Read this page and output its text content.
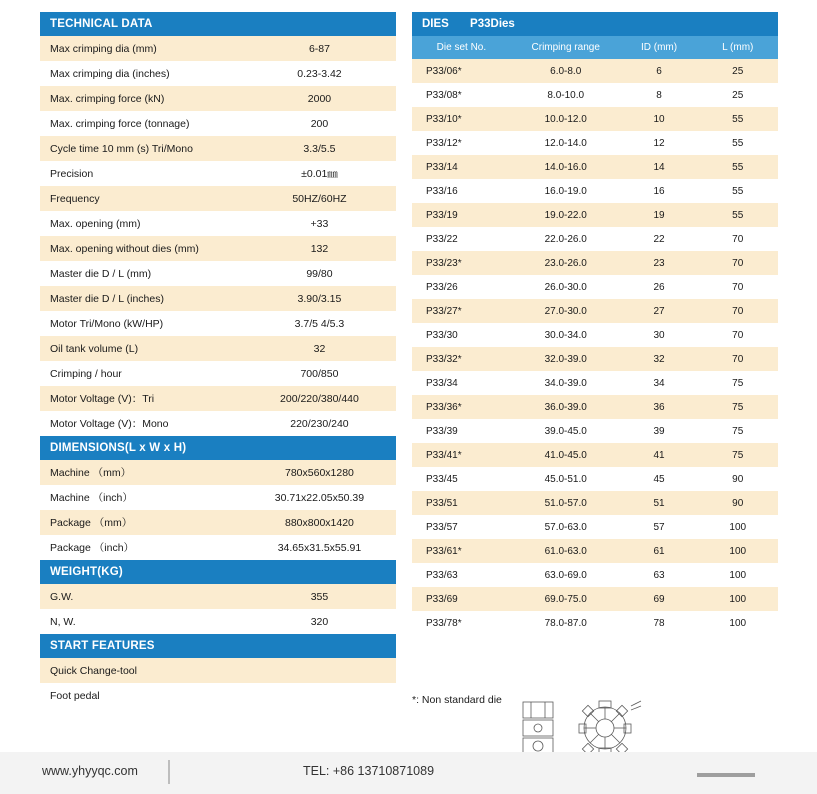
TECHNICAL DATA	
Max crimping dia (mm)	6-87
Max crimping dia (inches)	0.23-3.42
Max. crimping force (kN)	2000
Max. crimping force (tonnage)	200
Cycle time 10 mm (s) Tri/Mono	3.3/5.5
Precision	±0.01㎜
Frequency	50HZ/60HZ
Max. opening (mm)	+33
Max. opening without dies (mm)	132
Master die D / L (mm)	99/80
Master die D / L (inches)	3.90/3.15
Motor Tri/Mono (kW/HP)	3.7/5 4/5.3
Oil tank volume (L)	32
Crimping / hour	700/850
Motor Voltage (V)：Tri	200/220/380/440
Motor Voltage (V)：Mono	220/230/240
DIMENSIONS(L x W x H)	
Machine （mm）	780x560x1280
Machine （inch）	30.71x22.05x50.39
Package （mm）	880x800x1420
Package （inch）	34.65x31.5x55.91
WEIGHT(KG)	
G.W.	355
N, W.	320
START FEATURES	
Quick Change-tool	
Foot pedal	
DIES P33Dies			
Die set No.	Crimping range	ID (mm)	L (mm)
P33/06*	6.0-8.0	6	25
P33/08*	8.0-10.0	8	25
P33/10*	10.0-12.0	10	55
P33/12*	12.0-14.0	12	55
P33/14	14.0-16.0	14	55
P33/16	16.0-19.0	16	55
P33/19	19.0-22.0	19	55
P33/22	22.0-26.0	22	70
P33/23*	23.0-26.0	23	70
P33/26	26.0-30.0	26	70
P33/27*	27.0-30.0	27	70
P33/30	30.0-34.0	30	70
P33/32*	32.0-39.0	32	70
P33/34	34.0-39.0	34	75
P33/36*	36.0-39.0	36	75
P33/39	39.0-45.0	39	75
P33/41*	41.0-45.0	41	75
P33/45	45.0-51.0	45	90
P33/51	51.0-57.0	51	90
P33/57	57.0-63.0	57	100
P33/61*	61.0-63.0	61	100
P33/63	63.0-69.0	63	100
P33/69	69.0-75.0	69	100
P33/78*	78.0-87.0	78	100
*: Non standard die
www.yhyyqc.com	TEL: +86 13710871089
